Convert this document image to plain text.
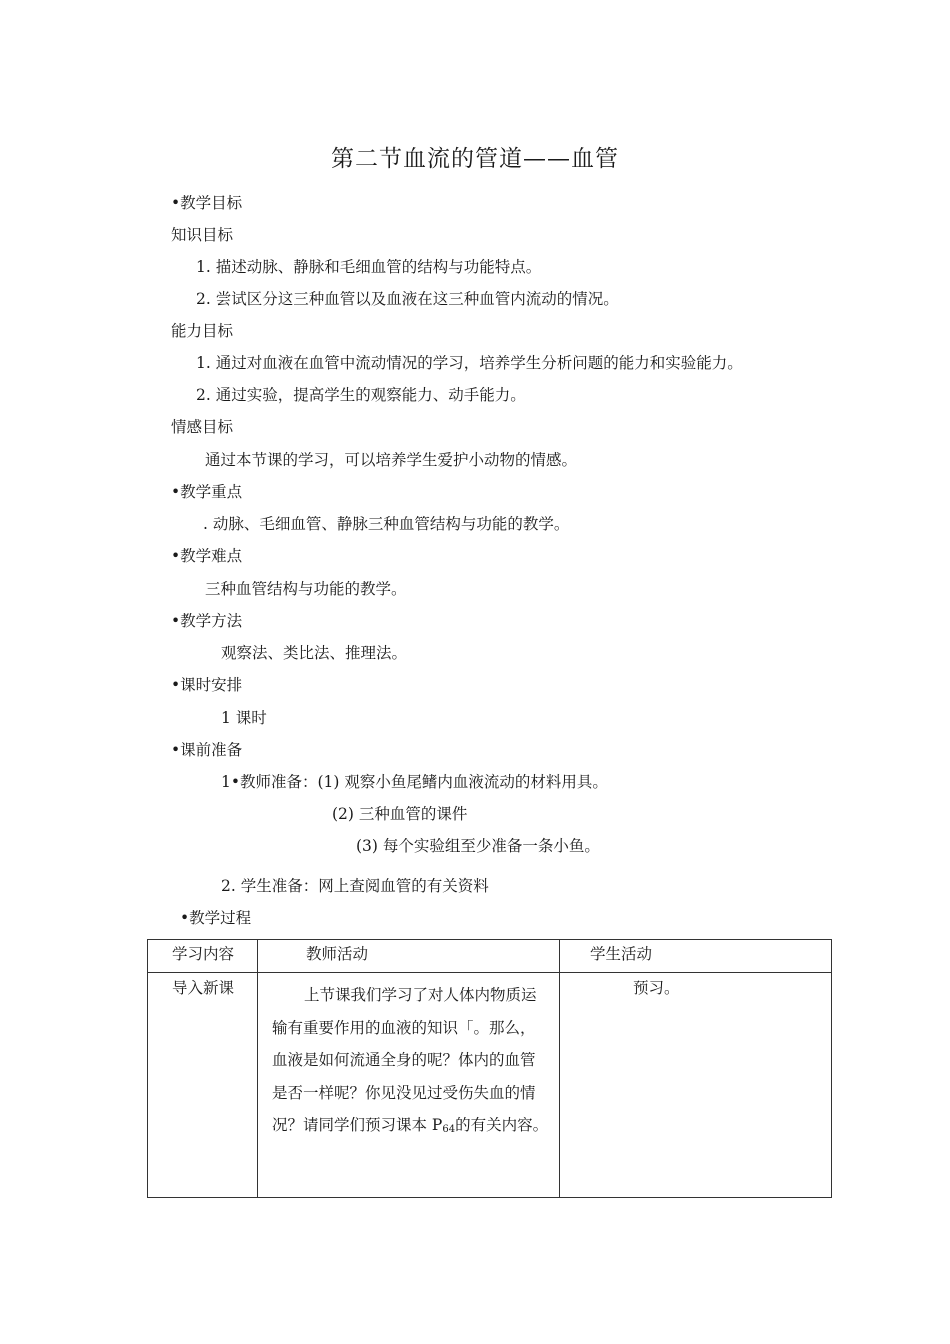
第二节血流的管道——血管
•教学目标
知识目标
1. 描述动脉、静脉和毛细血管的结构与功能特点。
2. 尝试区分这三种血管以及血液在这三种血管内流动的情况。
能力目标
1. 通过对血液在血管中流动情况的学习，培养学生分析问题的能力和实验能力。
2. 通过实验，提高学生的观察能力、动手能力。
情感目标
通过本节课的学习，可以培养学生爱护小动物的情感。
•教学重点
. 动脉、毛细血管、静脉三种血管结构与功能的教学。
•教学难点
三种血管结构与功能的教学。
•教学方法
观察法、类比法、推理法。
•课时安排
1 课时
•课前准备
1•教师准备：(1) 观察小鱼尾鳍内血液流动的材料用具。
(2) 三种血管的课件
(3) 每个实验组至少准备一条小鱼。
2. 学生准备：网上查阅血管的有关资料
•教学过程
学习内容	教师活动	学生活动

导入新课	上节课我们学习了对人体内物质运输有重要作用的血液的知识「。那么，血液是如何流通全身的呢？体内的血管是否一样呢？你见没见过受伤失血的情况？请同学们预习课本 $P_{64}$的有关内容。	预习。
